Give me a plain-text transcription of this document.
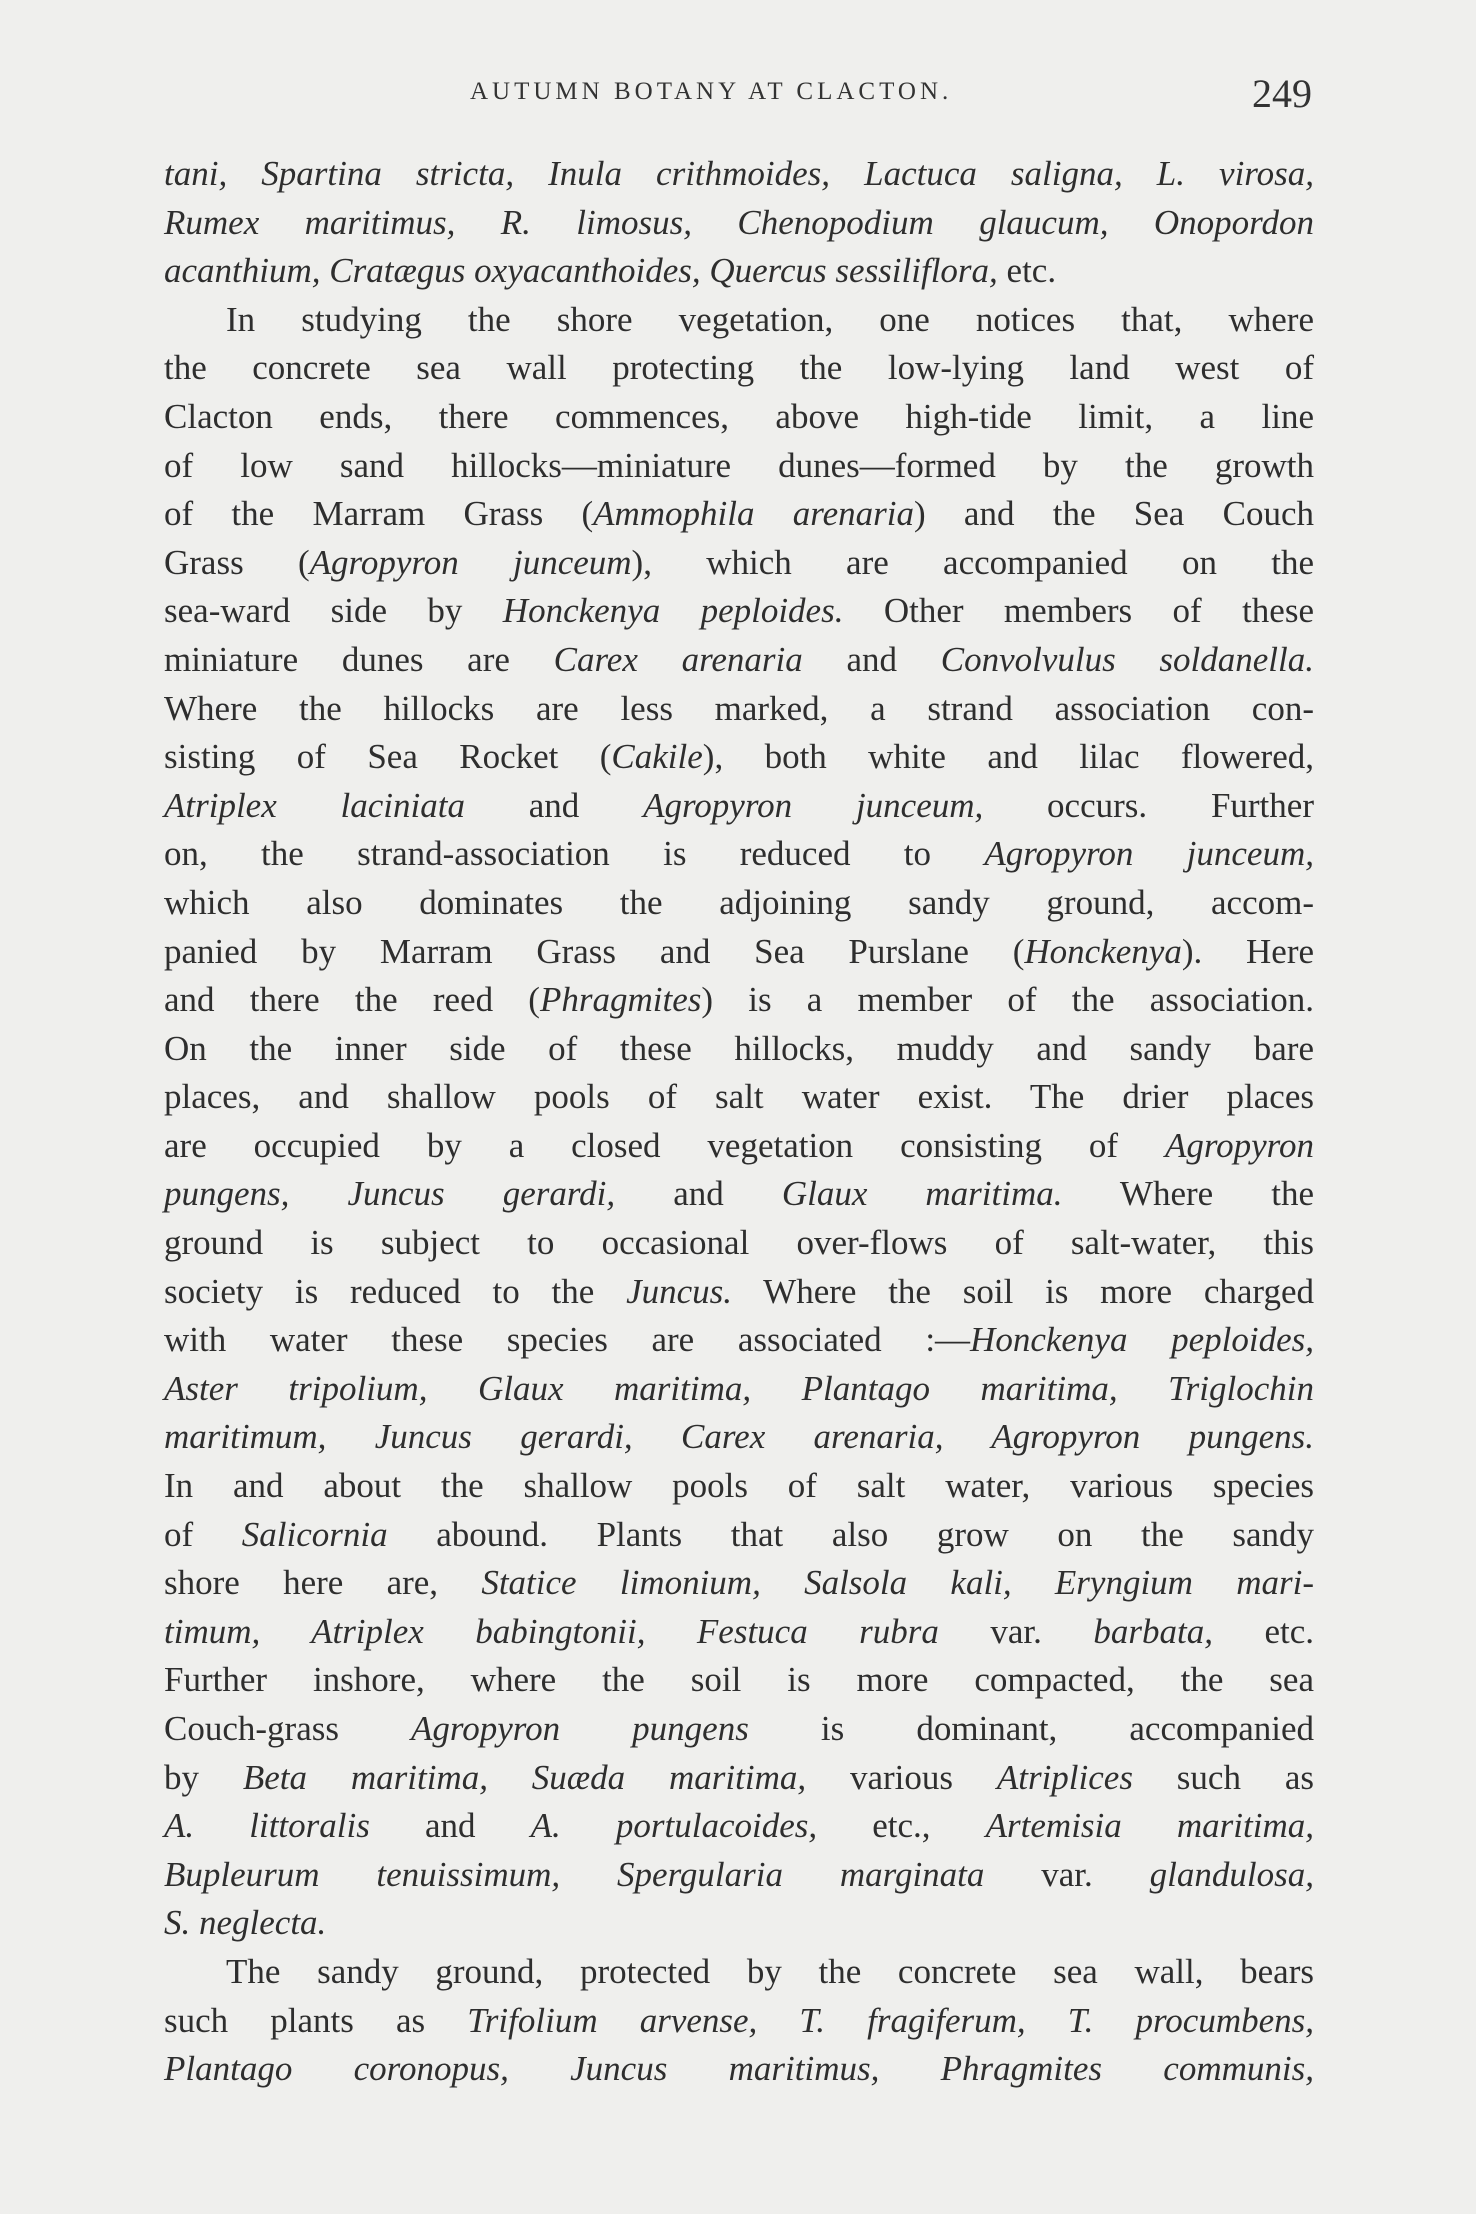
AUTUMN BOTANY AT CLACTON.	249
tani, Spartina stricta, Inula crithmoides, Lactuca saligna, L. virosa,
Rumex maritimus, R. limosus, Chenopodium glaucum, Onopordon
acanthium, Cratægus oxyacanthoides, Quercus sessiliflora, etc.
In studying the shore vegetation, one notices that, where
the concrete sea wall protecting the low-lying land west of
Clacton ends, there commences, above high-tide limit, a line
of low sand hillocks—miniature dunes—formed by the growth
of the Marram Grass (Ammophila arenaria) and the Sea Couch
Grass (Agropyron junceum), which are accompanied on the
sea-ward side by Honckenya peploides. Other members of these
miniature dunes are Carex arenaria and Convolvulus soldanella.
Where the hillocks are less marked, a strand association con-
sisting of Sea Rocket (Cakile), both white and lilac flowered,
Atriplex laciniata and Agropyron junceum, occurs. Further
on, the strand-association is reduced to Agropyron junceum,
which also dominates the adjoining sandy ground, accom-
panied by Marram Grass and Sea Purslane (Honckenya). Here
and there the reed (Phragmites) is a member of the association.
On the inner side of these hillocks, muddy and sandy bare
places, and shallow pools of salt water exist. The drier places
are occupied by a closed vegetation consisting of Agropyron
pungens, Juncus gerardi, and Glaux maritima. Where the
ground is subject to occasional over-flows of salt-water, this
society is reduced to the Juncus. Where the soil is more charged
with water these species are associated :—Honckenya peploides,
Aster tripolium, Glaux maritima, Plantago maritima, Triglochin
maritimum, Juncus gerardi, Carex arenaria, Agropyron pungens.
In and about the shallow pools of salt water, various species
of Salicornia abound. Plants that also grow on the sandy
shore here are, Statice limonium, Salsola kali, Eryngium mari-
timum, Atriplex babingtonii, Festuca rubra var. barbata, etc.
Further inshore, where the soil is more compacted, the sea
Couch-grass Agropyron pungens is dominant, accompanied
by Beta maritima, Suæda maritima, various Atriplices such as
A. littoralis and A. portulacoides, etc., Artemisia maritima,
Bupleurum tenuissimum, Spergularia marginata var. glandulosa,
S. neglecta.
The sandy ground, protected by the concrete sea wall, bears
such plants as Trifolium arvense, T. fragiferum, T. procumbens,
Plantago coronopus, Juncus maritimus, Phragmites communis,
